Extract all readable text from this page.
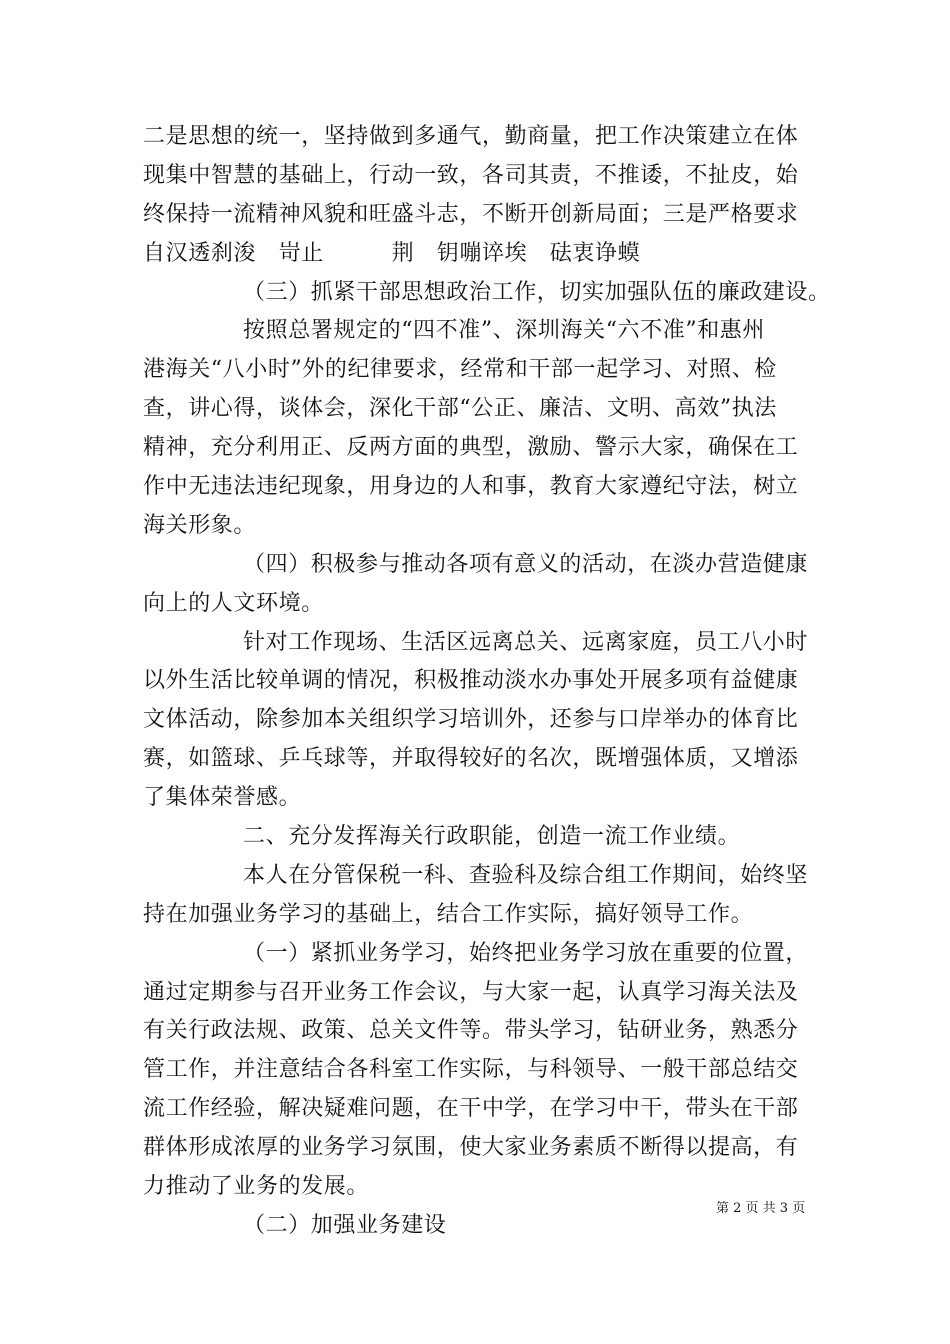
二是思想的统一，坚持做到多通气，勤商量，把工作决策建立在体
现集中智慧的基础上，行动一致，各司其责，不推诿，不扯皮，始
终保持一流精神风貌和旺盛斗志，不断开创新局面；三是严格要求
自汉透刹浚　岢止　　　荆　钥嘣谇埃　砝衷诤蟆
（三）抓紧干部思想政治工作，切实加强队伍的廉政建设。
按照总署规定的“四不准”、深圳海关“六不准”和惠州
港海关“八小时”外的纪律要求，经常和干部一起学习、对照、检
查，讲心得，谈体会，深化干部“公正、廉洁、文明、高效”执法
精神，充分利用正、反两方面的典型，激励、警示大家，确保在工
作中无违法违纪现象，用身边的人和事，教育大家遵纪守法，树立
海关形象。
（四）积极参与推动各项有意义的活动，在淡办营造健康
向上的人文环境。
针对工作现场、生活区远离总关、远离家庭，员工八小时
以外生活比较单调的情况，积极推动淡水办事处开展多项有益健康
文体活动，除参加本关组织学习培训外，还参与口岸举办的体育比
赛，如篮球、乒乓球等，并取得较好的名次，既增强体质，又增添
了集体荣誉感。
二、充分发挥海关行政职能，创造一流工作业绩。
本人在分管保税一科、查验科及综合组工作期间，始终坚
持在加强业务学习的基础上，结合工作实际，搞好领导工作。
（一）紧抓业务学习，始终把业务学习放在重要的位置，
通过定期参与召开业务工作会议，与大家一起，认真学习海关法及
有关行政法规、政策、总关文件等。带头学习，钻研业务，熟悉分
管工作，并注意结合各科室工作实际，与科领导、一般干部总结交
流工作经验，解决疑难问题，在干中学，在学习中干，带头在干部
群体形成浓厚的业务学习氛围，使大家业务素质不断得以提高，有
力推动了业务的发展。
（二）加强业务建设
第 2 页 共 3 页
